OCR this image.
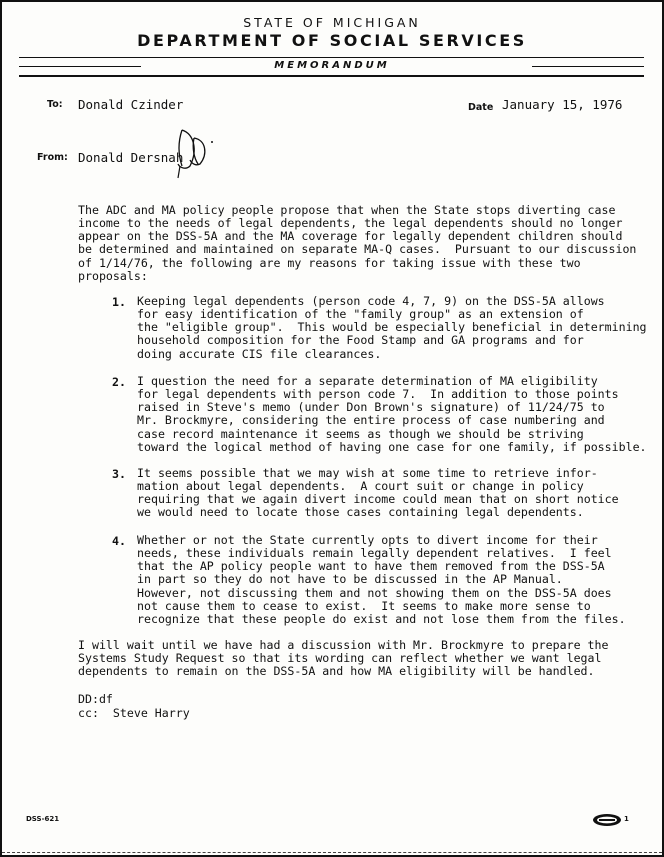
STATE OF MICHIGAN
DEPARTMENT OF SOCIAL SERVICES
MEMORANDUM
To: Donald Czinder	Date January 15, 1976
From: Donald Dersnah
The ADC and MA policy people propose that when the State stops diverting case
income to the needs of legal dependents, the legal dependents should no longer
appear on the DSS-5A and the MA coverage for legally dependent children should
be determined and maintained on separate MA-Q cases.  Pursuant to our discussion
of 1/14/76, the following are my reasons for taking issue with these two
proposals:
1. Keeping legal dependents (person code 4, 7, 9) on the DSS-5A allows
for easy identification of the "family group" as an extension of
the "eligible group".  This would be especially beneficial in determining
household composition for the Food Stamp and GA programs and for
doing accurate CIS file clearances.
2. I question the need for a separate determination of MA eligibility
for legal dependents with person code 7.  In addition to those points
raised in Steve's memo (under Don Brown's signature) of 11/24/75 to
Mr. Brockmyre, considering the entire process of case numbering and
case record maintenance it seems as though we should be striving
toward the logical method of having one case for one family, if possible.
3. It seems possible that we may wish at some time to retrieve infor-
mation about legal dependents.  A court suit or change in policy
requiring that we again divert income could mean that on short notice
we would need to locate those cases containing legal dependents.
4. Whether or not the State currently opts to divert income for their
needs, these individuals remain legally dependent relatives.  I feel
that the AP policy people want to have them removed from the DSS-5A
in part so they do not have to be discussed in the AP Manual.
However, not discussing them and not showing them on the DSS-5A does
not cause them to cease to exist.  It seems to make more sense to
recognize that these people do exist and not lose them from the files.
I will wait until we have had a discussion with Mr. Brockmyre to prepare the
Systems Study Request so that its wording can reflect whether we want legal
dependents to remain on the DSS-5A and how MA eligibility will be handled.
DD:df
cc:  Steve Harry
DSS-621	1
